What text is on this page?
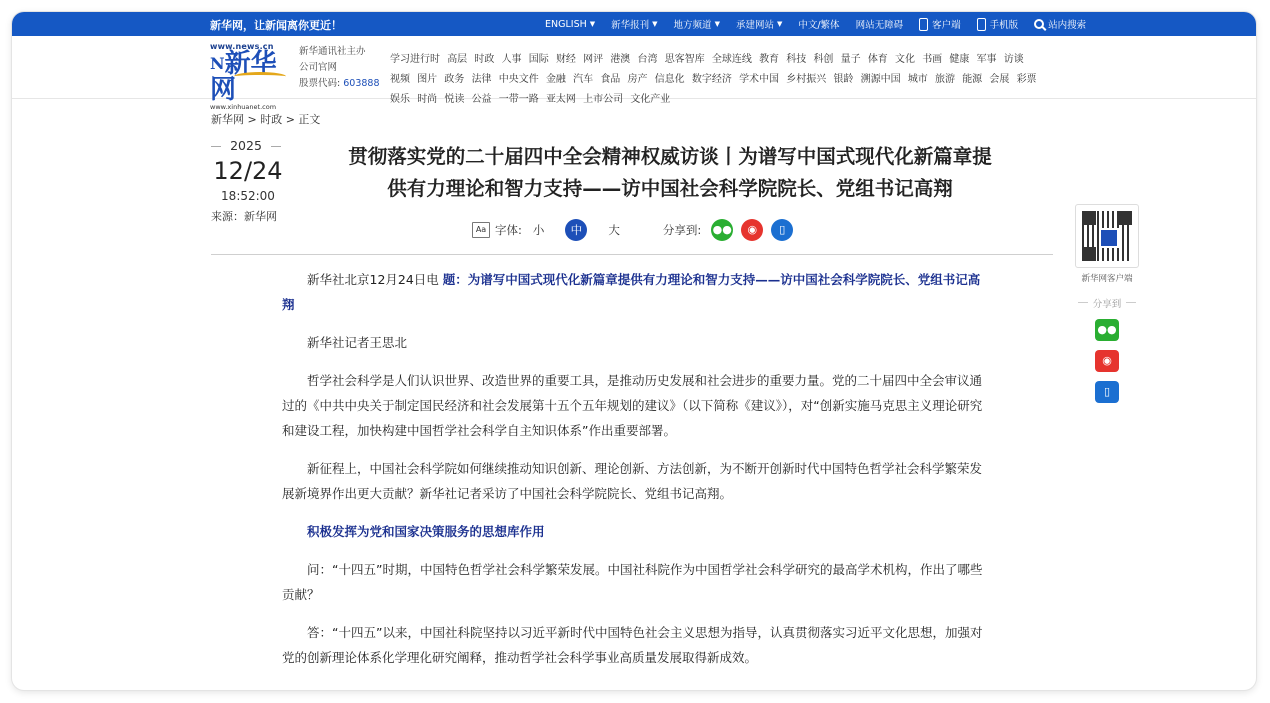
新华网，让新闻离你更近！	ENGLISH ▼ 新华报刊 ▼ 地方频道 ▼ 承建网站 ▼ 中文/繁体 网站无障碍	客户端	手机版	站内搜索
www.news.cn
$^N$新华网
www.xinhuanet.com
新华通讯社主办
公司官网
股票代码: 603888
学习进行时 高层 时政 人事 国际 财经 网评 港澳 台湾 思客智库 全球连线 教育 科技 科创 量子 体育 文化 书画 健康 军事 访谈 视频 图片 政务 法律 中央文件 金融 汽车 食品 房产 信息化 数字经济 学术中国 乡村振兴 银龄 溯源中国 城市 旅游 能源 会展 彩票 娱乐 时尚 悦读 公益 一带一路 亚太网 上市公司 文化产业
新华网 > 时政 > 正文
2025
12/24
18:52:00
来源：新华网
贯彻落实党的二十届四中全会精神权威访谈丨为谱写中国式现代化新篇章提
供有力理论和智力支持——访中国社会科学院院长、党组书记高翔
Aa 字体: 小	中	大	分享到: ●●	◉	▯

新华社北京12月24日电 题：为谱写中国式现代化新篇章提供有力理论和智力支持——访中国社会科学院院长、党组书记高翔

新华社记者王思北

哲学社会科学是人们认识世界、改造世界的重要工具，是推动历史发展和社会进步的重要力量。党的二十届四中全会审议通过的《中共中央关于制定国民经济和社会发展第十五个五年规划的建议》（以下简称《建议》），对“创新实施马克思主义理论研究和建设工程，加快构建中国哲学社会科学自主知识体系”作出重要部署。

新征程上，中国社会科学院如何继续推动知识创新、理论创新、方法创新，为不断开创新时代中国特色哲学社会科学繁荣发展新境界作出更大贡献？新华社记者采访了中国社会科学院院长、党组书记高翔。

积极发挥为党和国家决策服务的思想库作用

问：“十四五”时期，中国特色哲学社会科学繁荣发展。中国社科院作为中国哲学社会科学研究的最高学术机构，作出了哪些贡献？

答：“十四五”以来，中国社科院坚持以习近平新时代中国特色社会主义思想为指导，认真贯彻落实习近平文化思想，加强对党的创新理论体系化学理化研究阐释，推动哲学社会科学事业高质量发展取得新成效。

新华网客户端
分享到
●●
◉
▯
